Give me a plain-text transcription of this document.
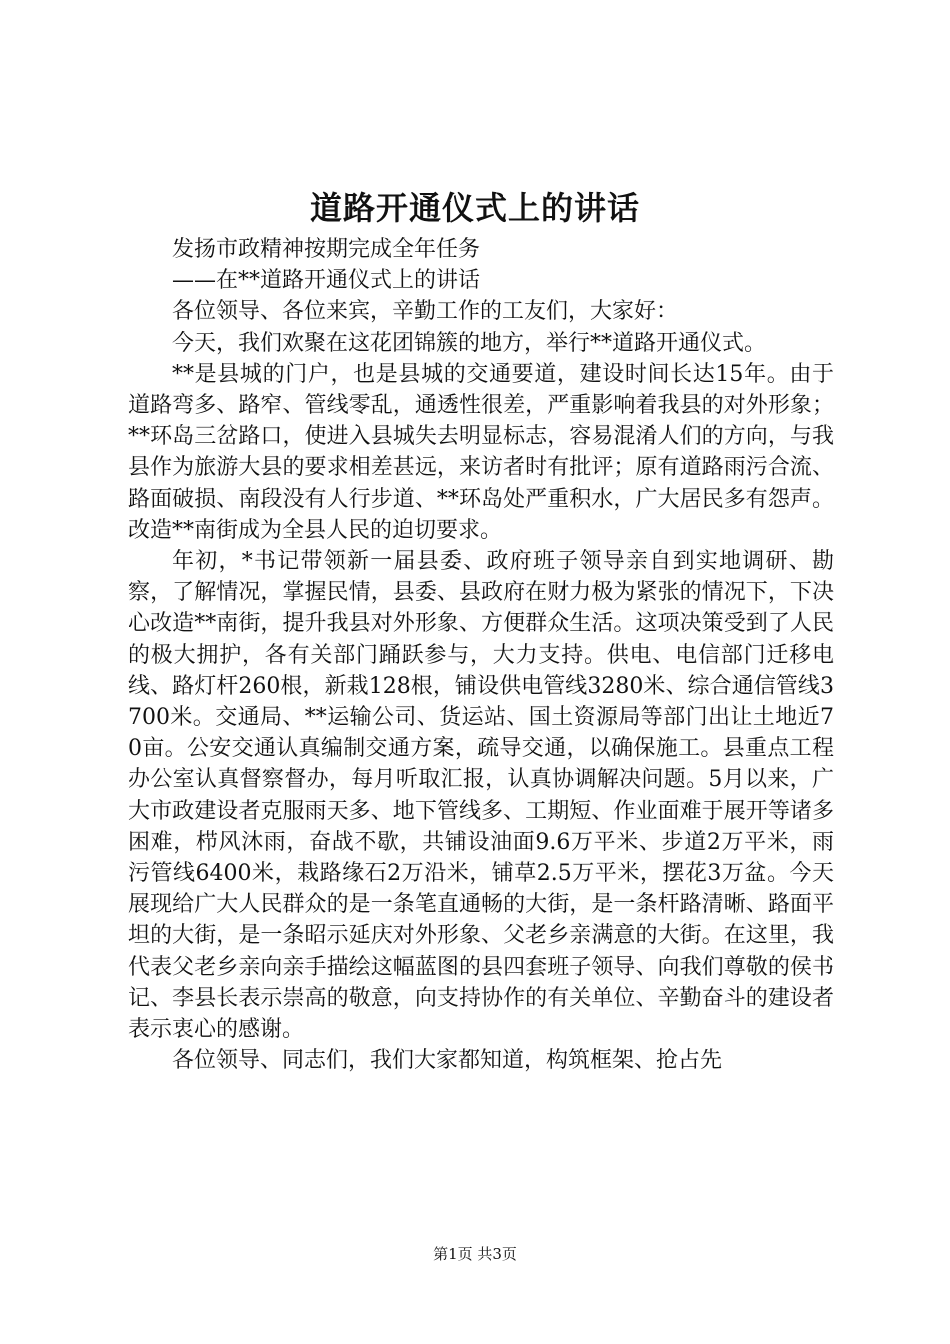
道路开通仪式上的讲话

发扬市政精神按期完成全年任务

——在**道路开通仪式上的讲话

各位领导、各位来宾，辛勤工作的工友们，大家好：

今天，我们欢聚在这花团锦簇的地方，举行**道路开通仪式。

**是县城的门户，也是县城的交通要道，建设时间长达15年。由于道路弯多、路窄、管线零乱，通透性很差，严重影响着我县的对外形象；**环岛三岔路口，使进入县城失去明显标志，容易混淆人们的方向，与我县作为旅游大县的要求相差甚远，来访者时有批评；原有道路雨污合流、路面破损、南段没有人行步道、**环岛处严重积水，广大居民多有怨声。改造**南街成为全县人民的迫切要求。

年初，*书记带领新一届县委、政府班子领导亲自到实地调研、勘察，了解情况，掌握民情，县委、县政府在财力极为紧张的情况下，下决心改造**南街，提升我县对外形象、方便群众生活。这项决策受到了人民的极大拥护，各有关部门踊跃参与，大力支持。供电、电信部门迁移电线、路灯杆260根，新栽128根，铺设供电管线3280米、综合通信管线3700米。交通局、**运输公司、货运站、国土资源局等部门出让土地近70亩。公安交通认真编制交通方案，疏导交通，以确保施工。县重点工程办公室认真督察督办，每月听取汇报，认真协调解决问题。5月以来，广大市政建设者克服雨天多、地下管线多、工期短、作业面难于展开等诸多困难，栉风沐雨，奋战不歇，共铺设油面9.6万平米、步道2万平米，雨污管线6400米，栽路缘石2万沿米，铺草2.5万平米，摆花3万盆。今天展现给广大人民群众的是一条笔直通畅的大街，是一条杆路清晰、路面平坦的大街，是一条昭示延庆对外形象、父老乡亲满意的大街。在这里，我代表父老乡亲向亲手描绘这幅蓝图的县四套班子领导、向我们尊敬的侯书记、李县长表示崇高的敬意，向支持协作的有关单位、辛勤奋斗的建设者表示衷心的感谢。

各位领导、同志们，我们大家都知道，构筑框架、抢占先

第1页 共3页
